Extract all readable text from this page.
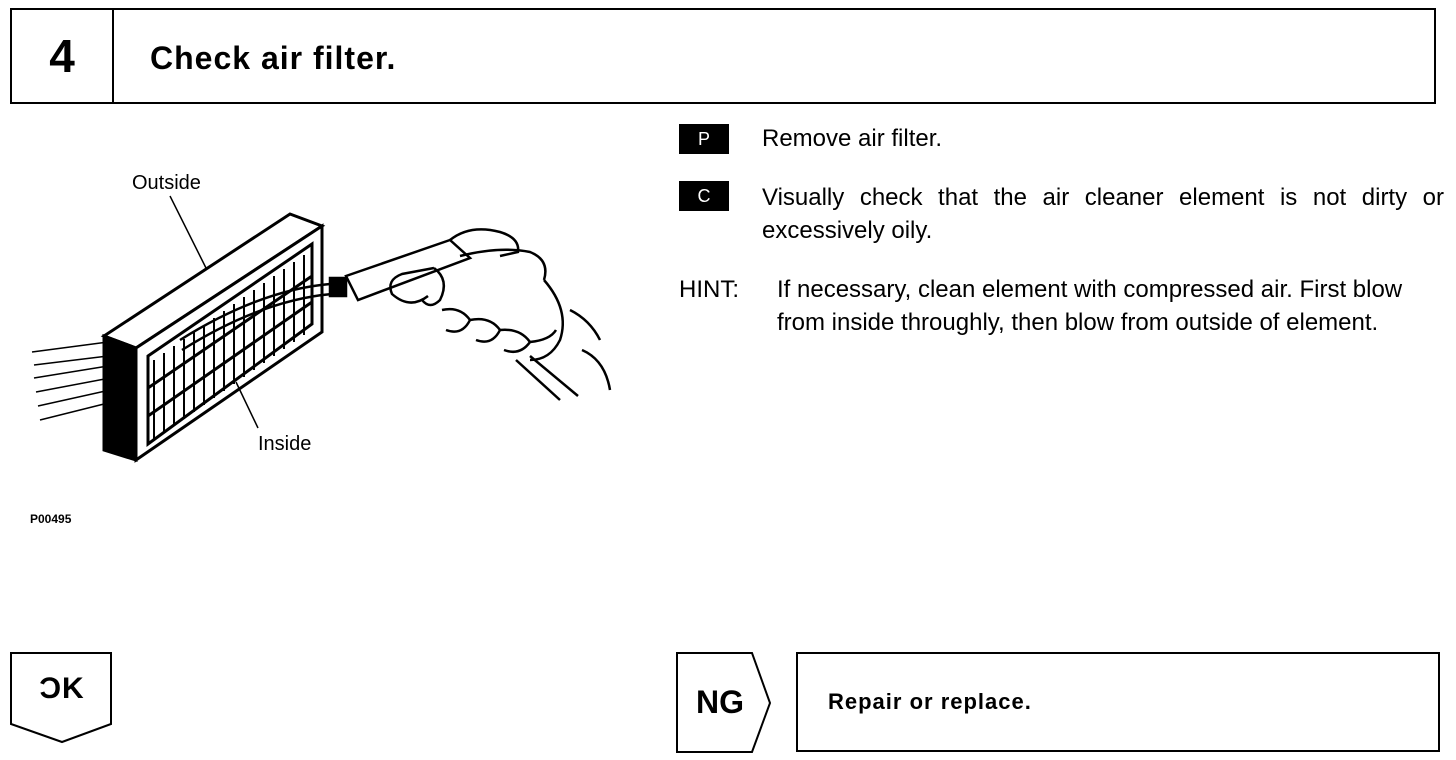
4	Check air filter.
Outside
Inside
P00495
P	Remove air filter.
C	Visually check that the air cleaner element is not dirty or excessively oily.
HINT: If necessary, clean element with compressed air. First blow from inside throughly, then blow from outside of element.
ƆK	NG	Repair or replace.
